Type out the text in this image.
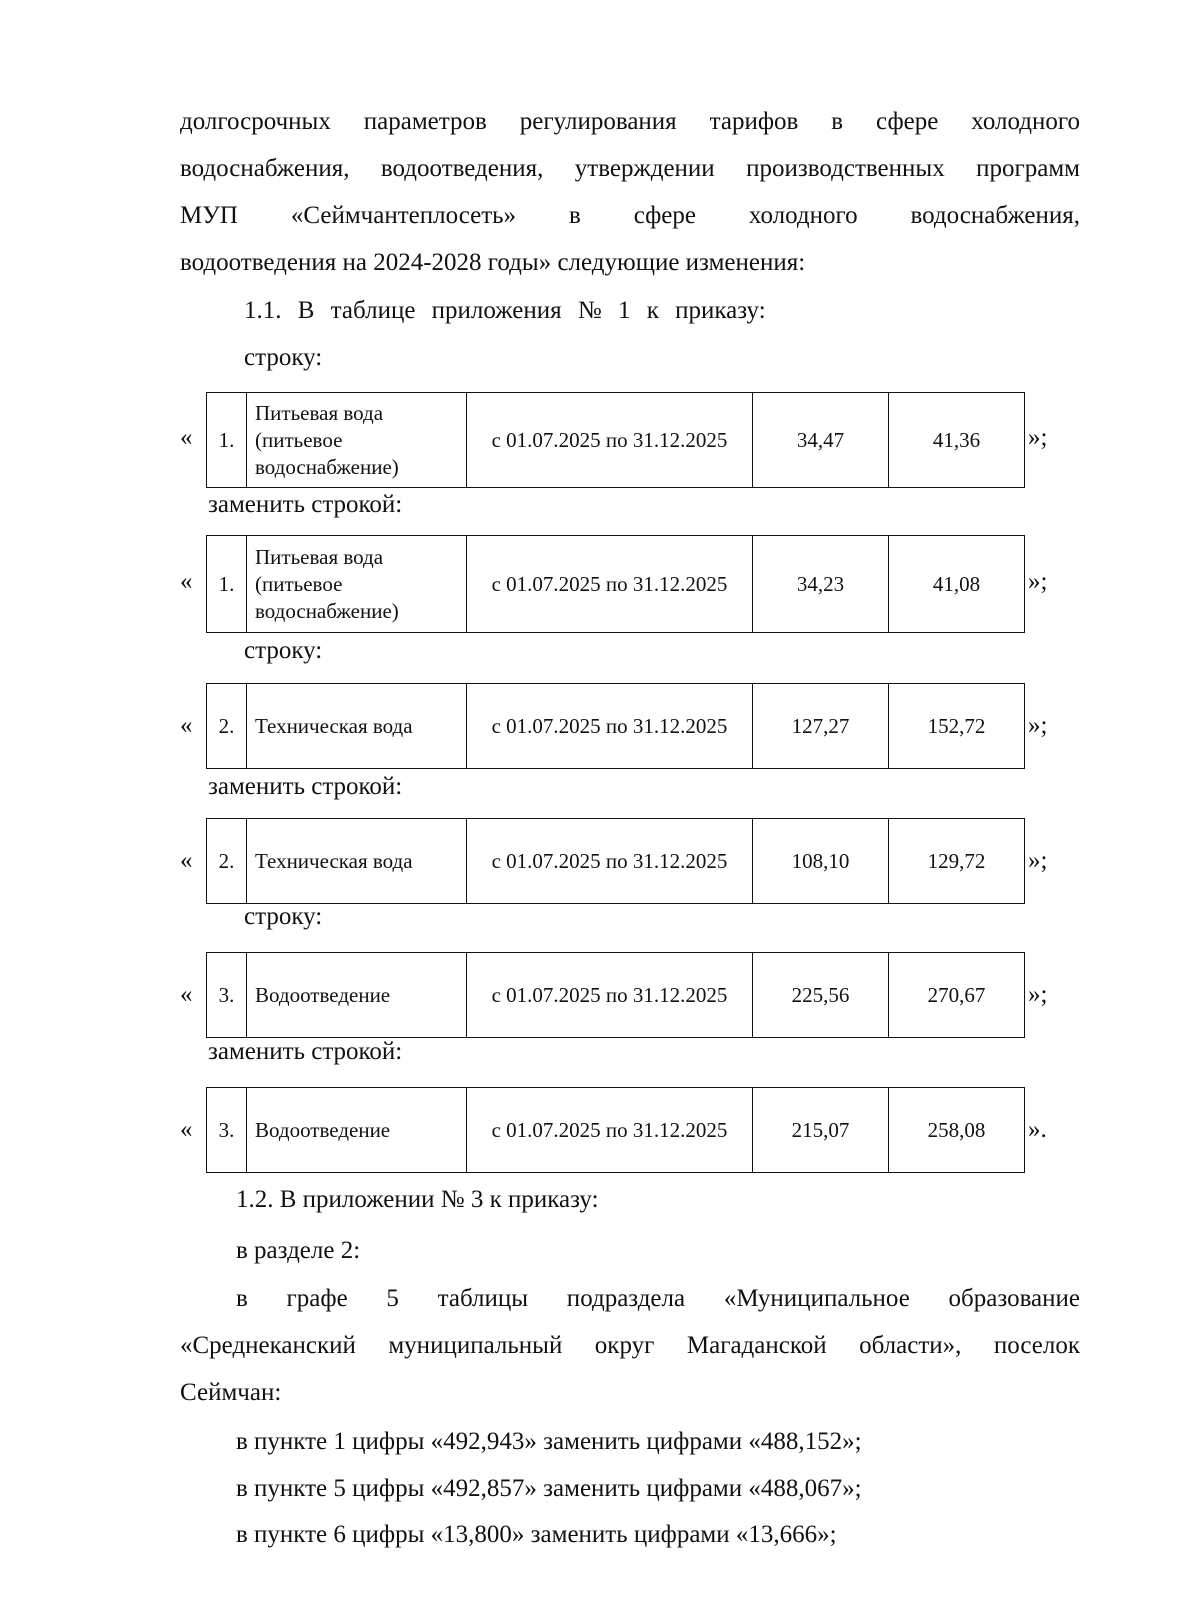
долгосрочных параметров регулирования тарифов в сфере холодного

водоснабжения, водоотведения, утверждении производственных программ

МУП «Сеймчантеплосеть» в сфере холодного водоснабжения,

водоотведения на 2024-2028 годы» следующие изменения:

1.1. В таблице приложения № 1 к приказу:

строку:

« 1.	Питьевая вода (питьевое водоснабжение)	с 01.07.2025 по 31.12.2025	34,47	41,36 »;

заменить строкой:

« 1.	Питьевая вода (питьевое водоснабжение)	с 01.07.2025 по 31.12.2025	34,23	41,08 »;

строку:

« 2.	Техническая вода	с 01.07.2025 по 31.12.2025	127,27	152,72 »;

заменить строкой:

« 2.	Техническая вода	с 01.07.2025 по 31.12.2025	108,10	129,72 »;

строку:

« 3.	Водоотведение	с 01.07.2025 по 31.12.2025	225,56	270,67 »;

заменить строкой:

« 3.	Водоотведение	с 01.07.2025 по 31.12.2025	215,07	258,08 ».

1.2. В приложении № 3 к приказу:

в разделе 2:

в графе 5 таблицы подраздела «Муниципальное образование

«Среднеканский муниципальный округ Магаданской области», поселок

Сеймчан:

в пункте 1 цифры «492,943» заменить цифрами «488,152»;

в пункте 5 цифры «492,857» заменить цифрами «488,067»;

в пункте 6 цифры «13,800» заменить цифрами «13,666»;
